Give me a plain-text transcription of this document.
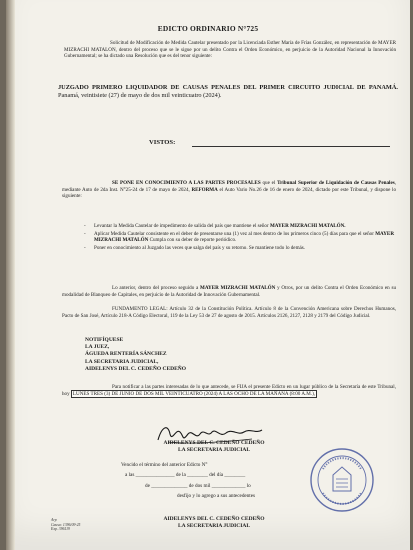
EDICTO ORDINARIO N°725
Solicitud de Modificación de Medida Cautelar presentado por la Licenciada Esther María de Frías González, en representación de MAYER MIZRACHI MATALON, dentro del proceso que se le sigue por un delito Contra el Orden Económico, en perjuicio de la Autoridad Nacional la Innovación Gubernamental; se ha dictado una Resolución que es del tenor siguiente:
JUZGADO PRIMERO LIQUIDADOR DE CAUSAS PENALES DEL PRIMER CIRCUITO JUDICIAL DE PANAMÁ. Panamá, veintisiete (27) de mayo de dos mil veinticuatro (2024).
VISTOS:
SE PONE EN CONOCIMIENTO A LAS PARTES PROCESALES que el Tribunal Superior de Liquidación de Causas Penales, mediante Auto de 2da Inst. N°25-24 de 17 de mayo de 2024, REFORMA el Auto Vario No.26 de 16 de enero de 2024, dictado por este Tribunal, y dispone lo siguiente:
- Levantar la Medida Cautelar de impedimento de salida del país que mantiene el señor MAYER MIZRACHI MATALÓN.
- Aplicar Medida Cautelar consistente en el deber de presentarse una (1) vez al mes dentro de los primeros cinco (5) días para que el señor MAYER MIZRACHI MATALÓN Cumpla con su deber de reporte periódico.
- Poner en conocimiento al Juzgado las veces que salga del país y su retorno. Se mantiene todo lo demás.
Lo anterior, dentro del proceso seguido a MAYER MIZRACHI MATALÓN y Otros, por un delito Contra el Orden Económico en su modalidad de Blanqueo de Capitales, en perjuicio de la Autoridad de Innovación Gubernamental.
FUNDAMENTO LEGAL: Artículo 32 de la Constitución Política. Artículo 8 de la Convención Americana sobre Derechos Humanos, Pacto de San José, Artículo 218-A Código Electoral, 119 de la Ley 53 de 27 de agosto de 2015. Artículos 2126, 2127, 2128 y 2179 del Código Judicial.
NOTIFÍQUESE
LA JUEZ,
ÁGUEDA RENTERÍA SÁNCHEZ
LA SECRETARIA JUDICIAL,
AIDELENYS DEL C. CEDEÑO CEDEÑO
Para notificar a las partes interesadas de lo que antecede, se FIJA el presente Edicto en un lugar público de la Secretaría de este Tribunal, hoy LUNES TRES (3) DE JUNIO DE DOS MIL VEINTICUATRO (2024) A LAS OCHO DE LA MAÑANA (8:00 A.M.),
AIDELENYS DEL C. CEDEÑO CEDEÑO
LA SECRETARIA JUDICIAL
Vencido el término del anterior Edicto N°
a las _______________ de la ________ del día ________
de ______________ de dos mil _____________ lo
desfijo y lo agrego a sus antecedentes
AIDELENYS DEL C. CEDEÑO CEDEÑO
LA SECRETARIA JUDICIAL
Arp
Causa: 1396/09-25
Exp. 396119
